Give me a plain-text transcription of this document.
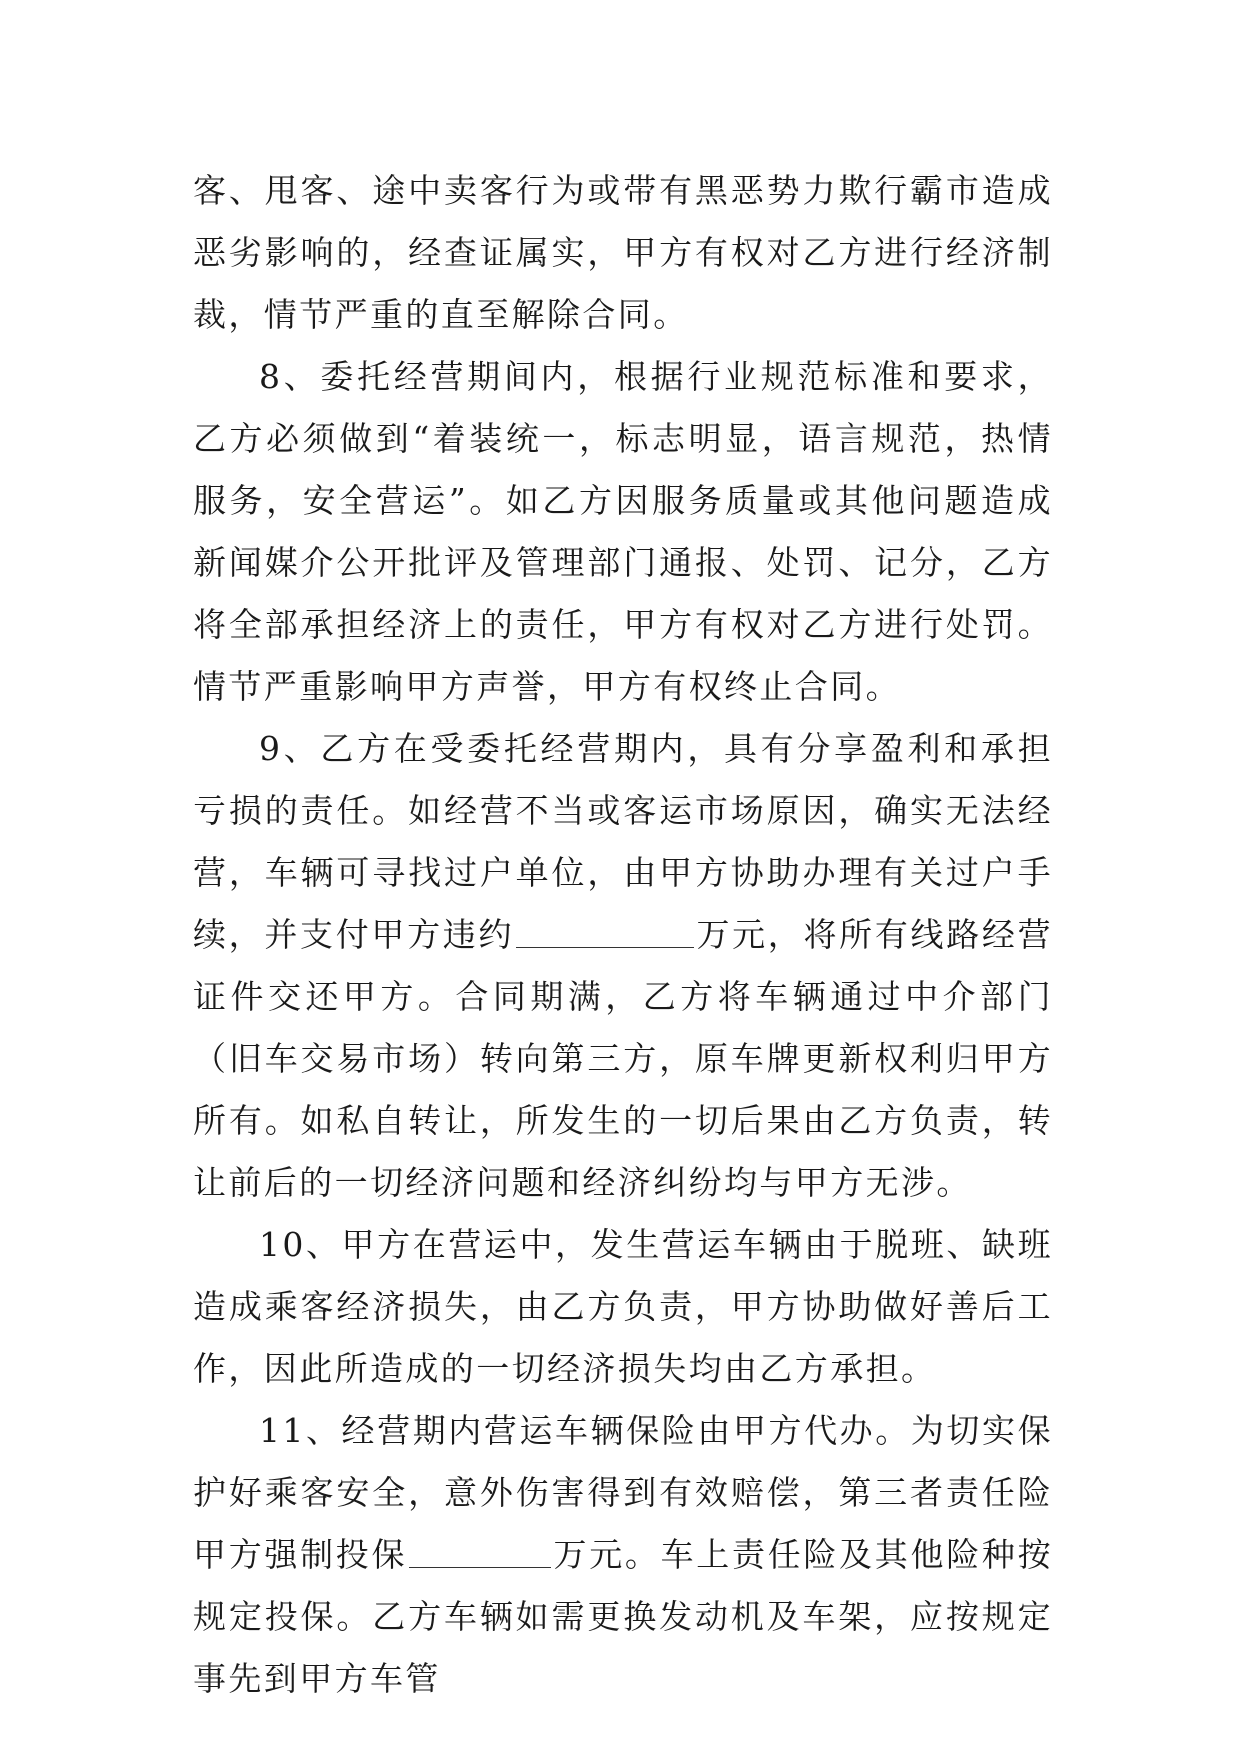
客、甩客、途中卖客行为或带有黑恶势力欺行霸市造成恶劣影响的，经查证属实，甲方有权对乙方进行经济制裁，情节严重的直至解除合同。

8、委托经营期间内，根据行业规范标准和要求，乙方必须做到“着装统一，标志明显，语言规范，热情服务，安全营运”。如乙方因服务质量或其他问题造成新闻媒介公开批评及管理部门通报、处罚、记分，乙方将全部承担经济上的责任，甲方有权对乙方进行处罚。情节严重影响甲方声誉，甲方有权终止合同。

9、乙方在受委托经营期内，具有分享盈利和承担亏损的责任。如经营不当或客运市场原因，确实无法经营，车辆可寻找过户单位，由甲方协助办理有关过户手续，并支付甲方违约	万元，将所有线路经营证件交还甲方。合同期满，乙方将车辆通过中介部门（旧车交易市场）转向第三方，原车牌更新权利归甲方所有。如私自转让，所发生的一切后果由乙方负责，转让前后的一切经济问题和经济纠纷均与甲方无涉。

10、甲方在营运中，发生营运车辆由于脱班、缺班造成乘客经济损失，由乙方负责，甲方协助做好善后工作，因此所造成的一切经济损失均由乙方承担。

11、经营期内营运车辆保险由甲方代办。为切实保护好乘客安全，意外伤害得到有效赔偿，第三者责任险甲方强制投保	万元。车上责任险及其他险种按规定投保。乙方车辆如需更换发动机及车架，应按规定事先到甲方车管
